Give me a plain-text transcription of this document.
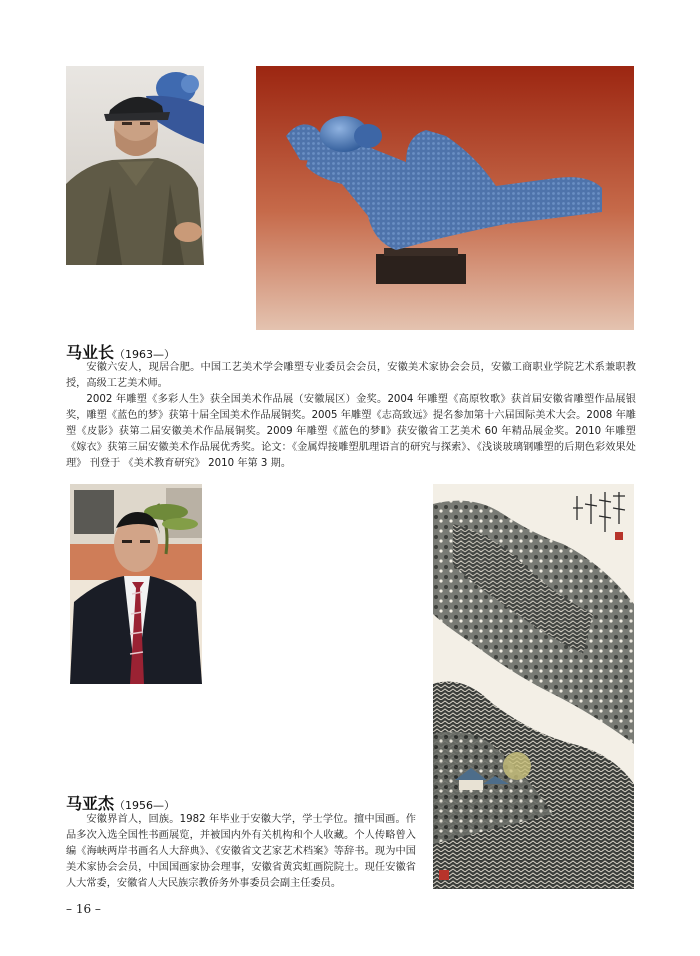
马业长（1963—）

安徽六安人，现居合肥。中国工艺美术学会雕塑专业委员会会员，安徽美术家协会会员，安徽工商职业学院艺术系兼职教授，高级工艺美术师。

2002 年雕塑《多彩人生》获全国美术作品展（安徽展区）金奖。2004 年雕塑《高原牧歌》获首届安徽省雕塑作品展银奖，雕塑《蓝色的梦》获第十届全国美术作品展铜奖。2005 年雕塑《志高致远》提名参加第十六届国际美术大会。2008 年雕塑《皮影》获第二届安徽美术作品展铜奖。2009 年雕塑《蓝色的梦Ⅱ》获安徽省工艺美术 60 年精品展金奖。2010 年雕塑《嫁衣》获第三届安徽美术作品展优秀奖。论文：《金属焊接雕塑肌理语言的研究与探索》、《浅谈玻璃钢雕塑的后期色彩效果处理》 刊登于 《美术教育研究》 2010 年第 3 期。

马亚杰（1956—）

安徽界首人，回族。1982 年毕业于安徽大学，学士学位。擅中国画。作品多次入选全国性书画展览，并被国内外有关机构和个人收藏。个人传略曾入编《海峡两岸书画名人大辞典》、《安徽省文艺家艺术档案》等辞书。现为中国美术家协会会员，中国国画家协会理事，安徽省黄宾虹画院院士。现任安徽省人大常委，安徽省人大民族宗教侨务外事委员会副主任委员。

– 16 –
